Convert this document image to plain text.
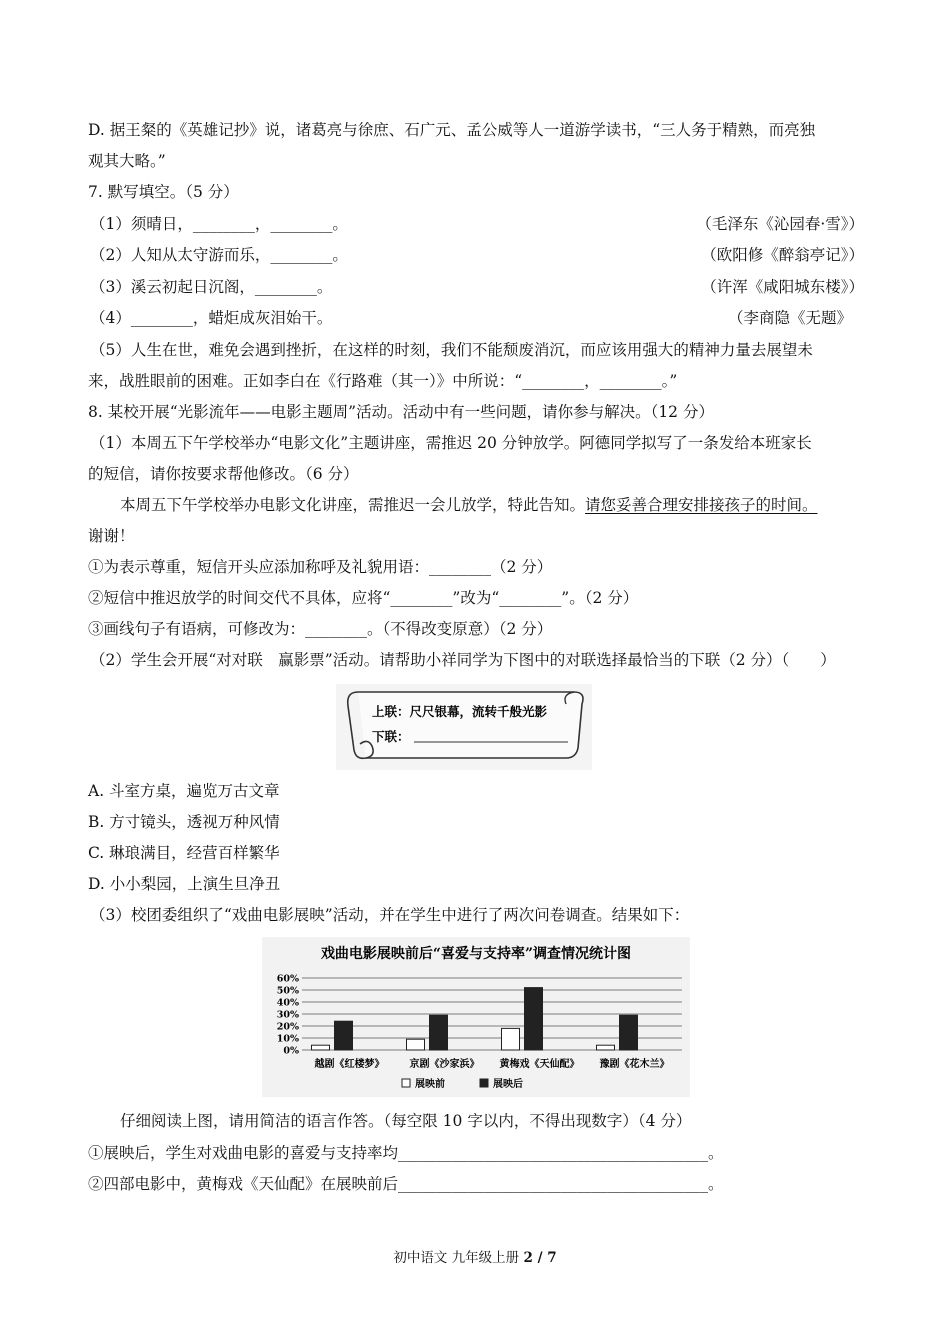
D. 据王粲的《英雄记抄》说，诸葛亮与徐庶、石广元、孟公威等人一道游学读书，“三人务于精熟，而亮独
观其大略。”
7. 默写填空。（5 分）
（1）须晴日，________，________。	（毛泽东《沁园春·雪》）
（2）人知从太守游而乐，________。	（欧阳修《醉翁亭记》）
（3）溪云初起日沉阁，________。	（许浑《咸阳城东楼》）
（4）________，蜡炬成灰泪始干。	（李商隐《无题》
（5）人生在世，难免会遇到挫折，在这样的时刻，我们不能颓废消沉，而应该用强大的精神力量去展望未
来，战胜眼前的困难。正如李白在《行路难（其一）》中所说：“________，________。”
8. 某校开展“光影流年——电影主题周”活动。活动中有一些问题，请你参与解决。（12 分）
（1）本周五下午学校举办“电影文化”主题讲座，需推迟 20 分钟放学。阿德同学拟写了一条发给本班家长
的短信，请你按要求帮他修改。（6 分）
本周五下午学校举办电影文化讲座，需推迟一会儿放学，特此告知。请您妥善合理安排接孩子的时间。
谢谢！
①为表示尊重，短信开头应添加称呼及礼貌用语：________（2 分）
②短信中推迟放学的时间交代不具体，应将“________”改为“________”。（2 分）
③画线句子有语病，可修改为：________。（不得改变原意）（2 分）
（2）学生会开展“对对联　赢影票”活动。请帮助小祥同学为下图中的对联选择最恰当的下联（2 分）（　　）
上联：尺尺银幕，流转千般光影
下联：
A. 斗室方桌，遍览万古文章
B. 方寸镜头，透视万种风情
C. 琳琅满目，经营百样繁华
D. 小小梨园，上演生旦净丑
（3）校团委组织了“戏曲电影展映”活动，并在学生中进行了两次问卷调查。结果如下：
戏曲电影展映前后“喜爱与支持率”调查情况统计图
0%
10%
20%
30%
40%
50%
60%
越剧《红楼梦》	京剧《沙家浜》 黄梅戏《天仙配》 豫剧《花木兰》
展映前	展映后
仔细阅读上图，请用简洁的语言作答。（每空限 10 字以内，不得出现数字）（4 分）
①展映后，学生对戏曲电影的喜爱与支持率均________________________________________。
②四部电影中，黄梅戏《天仙配》在展映前后________________________________________。
初中语文 九年级上册 2 / 7
